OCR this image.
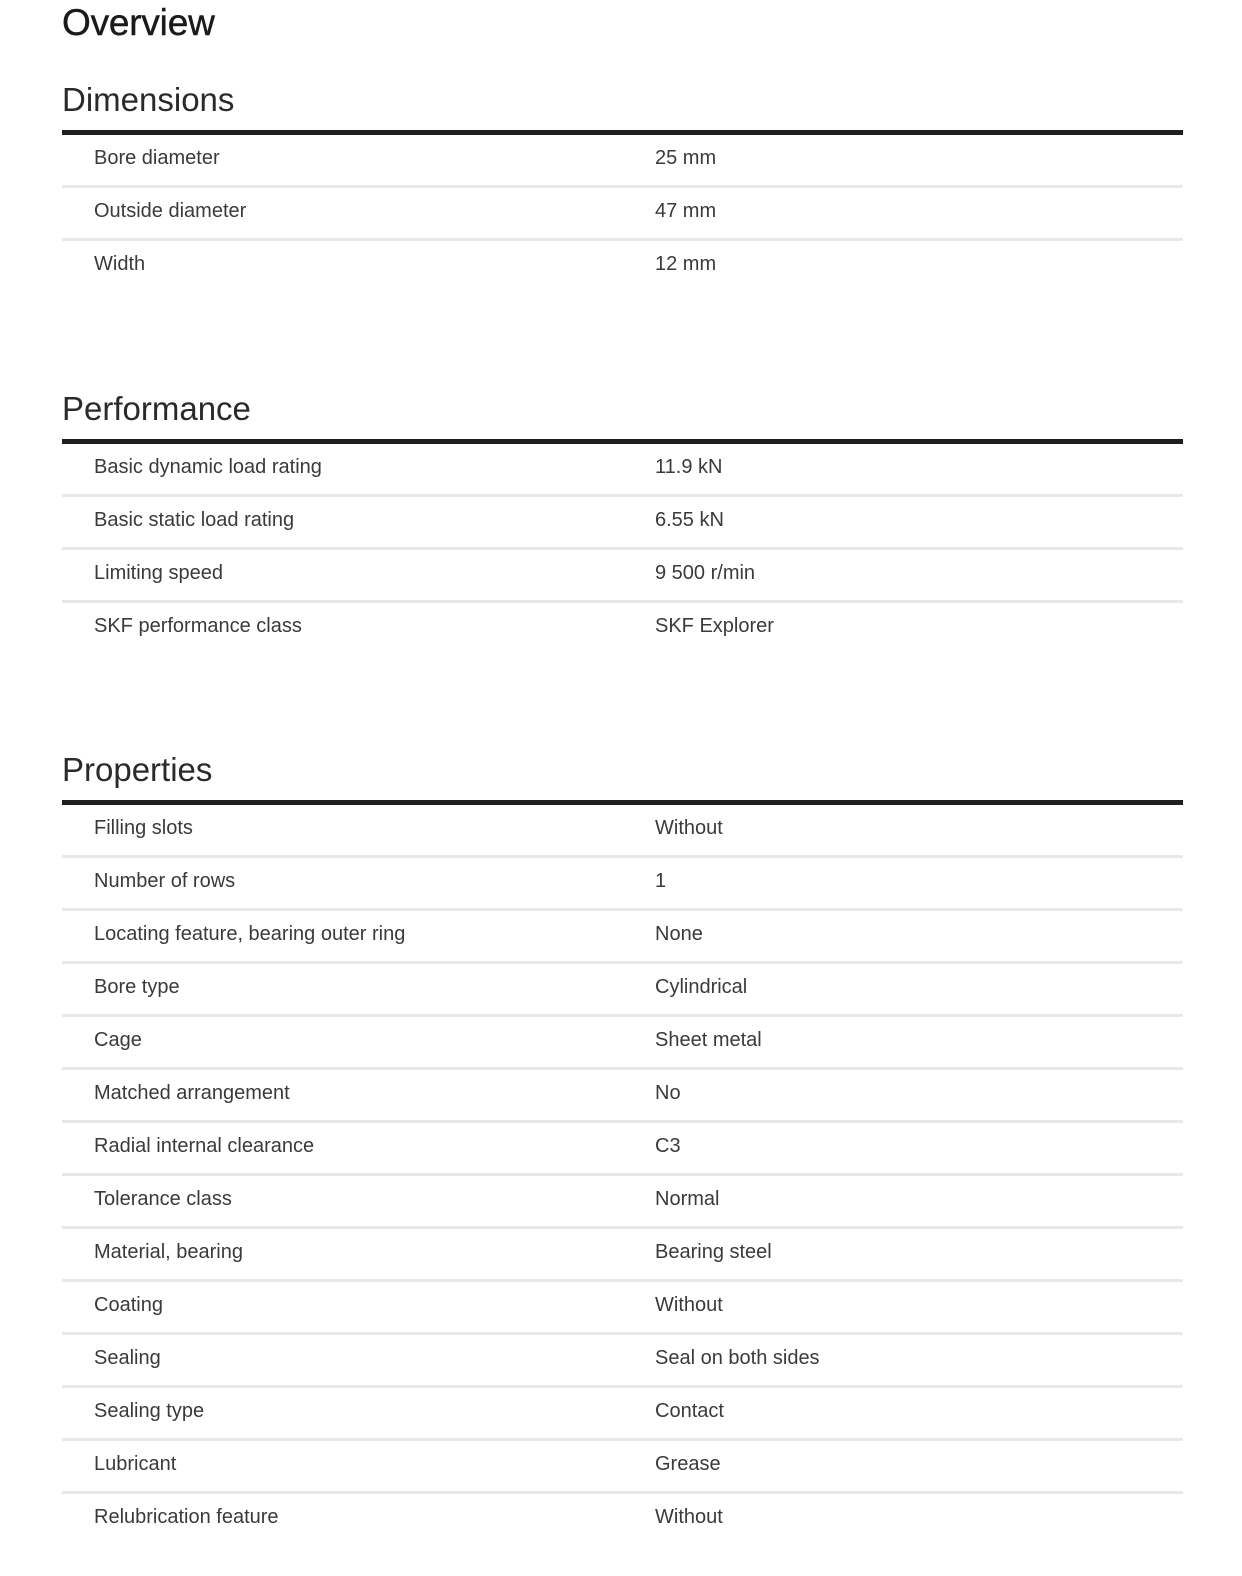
Overview
Dimensions
Bore diameter	25 mm
Outside diameter	47 mm
Width	12 mm
Performance
Basic dynamic load rating	11.9 kN
Basic static load rating	6.55 kN
Limiting speed	9 500 r/min
SKF performance class	SKF Explorer
Properties
Filling slots	Without
Number of rows	1
Locating feature, bearing outer ring	None
Bore type	Cylindrical
Cage	Sheet metal
Matched arrangement	No
Radial internal clearance	C3
Tolerance class	Normal
Material, bearing	Bearing steel
Coating	Without
Sealing	Seal on both sides
Sealing type	Contact
Lubricant	Grease
Relubrication feature	Without
